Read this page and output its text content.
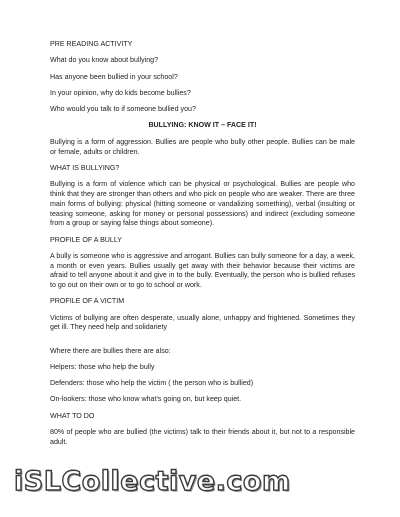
PRE READING ACTIVITY

What do you know about bullying?

Has anyone been bullied in your school?

In your opinion, why do kids become bullies?

Who would you talk to if someone bullied you?

BULLYING: KNOW IT – FACE IT!

Bullying is a form of aggression. Bullies are people who bully other people. Bullies can be male or female, adults or children.

WHAT IS BULLYING?

Bullying is a form of violence which can be physical or psychological. Bullies are people who think that they are stronger than others and who pick on people who are weaker. There are three main forms of bullying: physical (hitting someone or vandalizing something), verbal (insulting or teasing someone, asking for money or personal possessions) and indirect (excluding someone from a group or saying false things about someone).

PROFILE OF A BULLY

A bully is someone who is aggressive and arrogant. Bullies can bully someone for a day, a week, a month or even years. Bullies usually get away with their behavior because their victims are afraid to tell anyone about it and give in to the bully. Eventually, the person who is bullied refuses to go out on their own or to go to school or work.

PROFILE OF A VICTIM

Victims of bullying are often desperate, usually alone, unhappy and frightened. Sometimes they get ill. They need help and solidariety

Where there are bullies there are also:

Helpers: those who help the bully

Defenders: those who help the victim ( the person who is bullied)

On-lookers: those who know what’s going on, but keep quiet.

WHAT TO DO

80% of people who are bullied (the victims) talk to their friends about it, but not to a responsible adult.

iSLCollective.com
